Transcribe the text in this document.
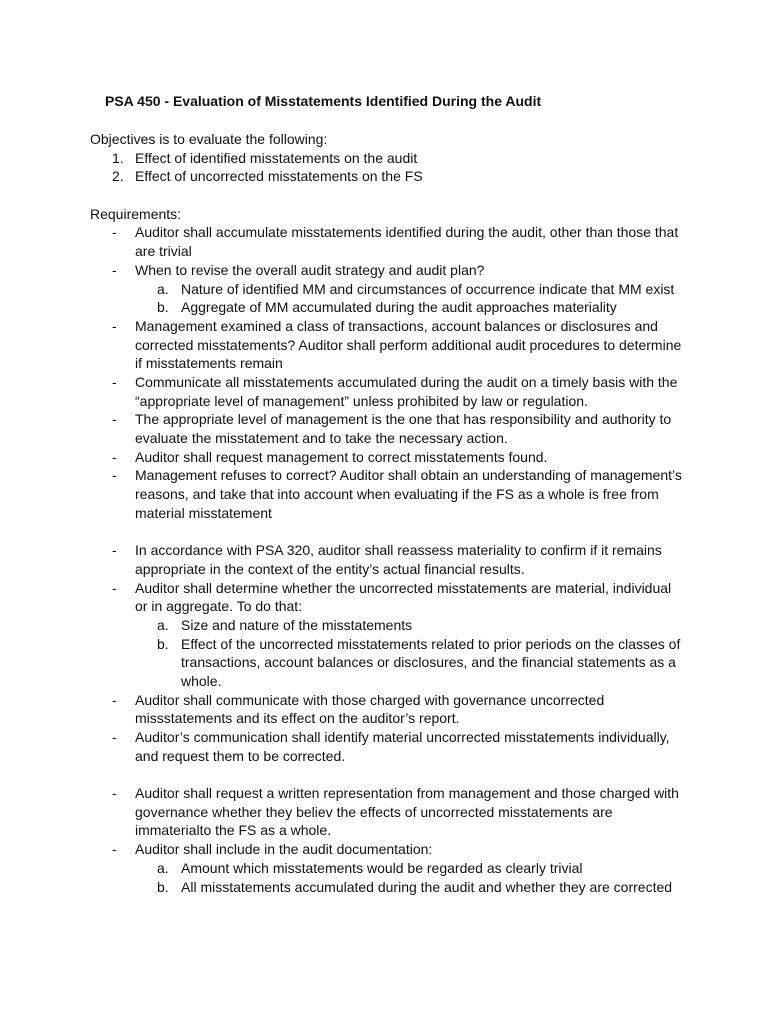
PSA 450 - Evaluation of Misstatements Identified During the Audit
Objectives is to evaluate the following:
1. Effect of identified misstatements on the audit
2. Effect of uncorrected misstatements on the FS
Requirements:
- Auditor shall accumulate misstatements identified during the audit, other than those that
are trivial
- When to revise the overall audit strategy and audit plan?
a. Nature of identified MM and circumstances of occurrence indicate that MM exist
b. Aggregate of MM accumulated during the audit approaches materiality
- Management examined a class of transactions, account balances or disclosures and
corrected misstatements? Auditor shall perform additional audit procedures to determine
if misstatements remain
- Communicate all misstatements accumulated during the audit on a timely basis with the
“appropriate level of management” unless prohibited by law or regulation.
- The appropriate level of management is the one that has responsibility and authority to
evaluate the misstatement and to take the necessary action.
- Auditor shall request management to correct misstatements found.
- Management refuses to correct? Auditor shall obtain an understanding of management’s
reasons, and take that into account when evaluating if the FS as a whole is free from
material misstatement
- In accordance with PSA 320, auditor shall reassess materiality to confirm if it remains
appropriate in the context of the entity’s actual financial results.
- Auditor shall determine whether the uncorrected misstatements are material, individual
or in aggregate. To do that:
a. Size and nature of the misstatements
b. Effect of the uncorrected misstatements related to prior periods on the classes of
transactions, account balances or disclosures, and the financial statements as a
whole.
- Auditor shall communicate with those charged with governance uncorrected
missstatements and its effect on the auditor’s report.
- Auditor’s communication shall identify material uncorrected misstatements individually,
and request them to be corrected.
- Auditor shall request a written representation from management and those charged with
governance whether they believ the effects of uncorrected misstatements are
immaterialto the FS as a whole.
- Auditor shall include in the audit documentation:
a. Amount which misstatements would be regarded as clearly trivial
b. All misstatements accumulated during the audit and whether they are corrected
